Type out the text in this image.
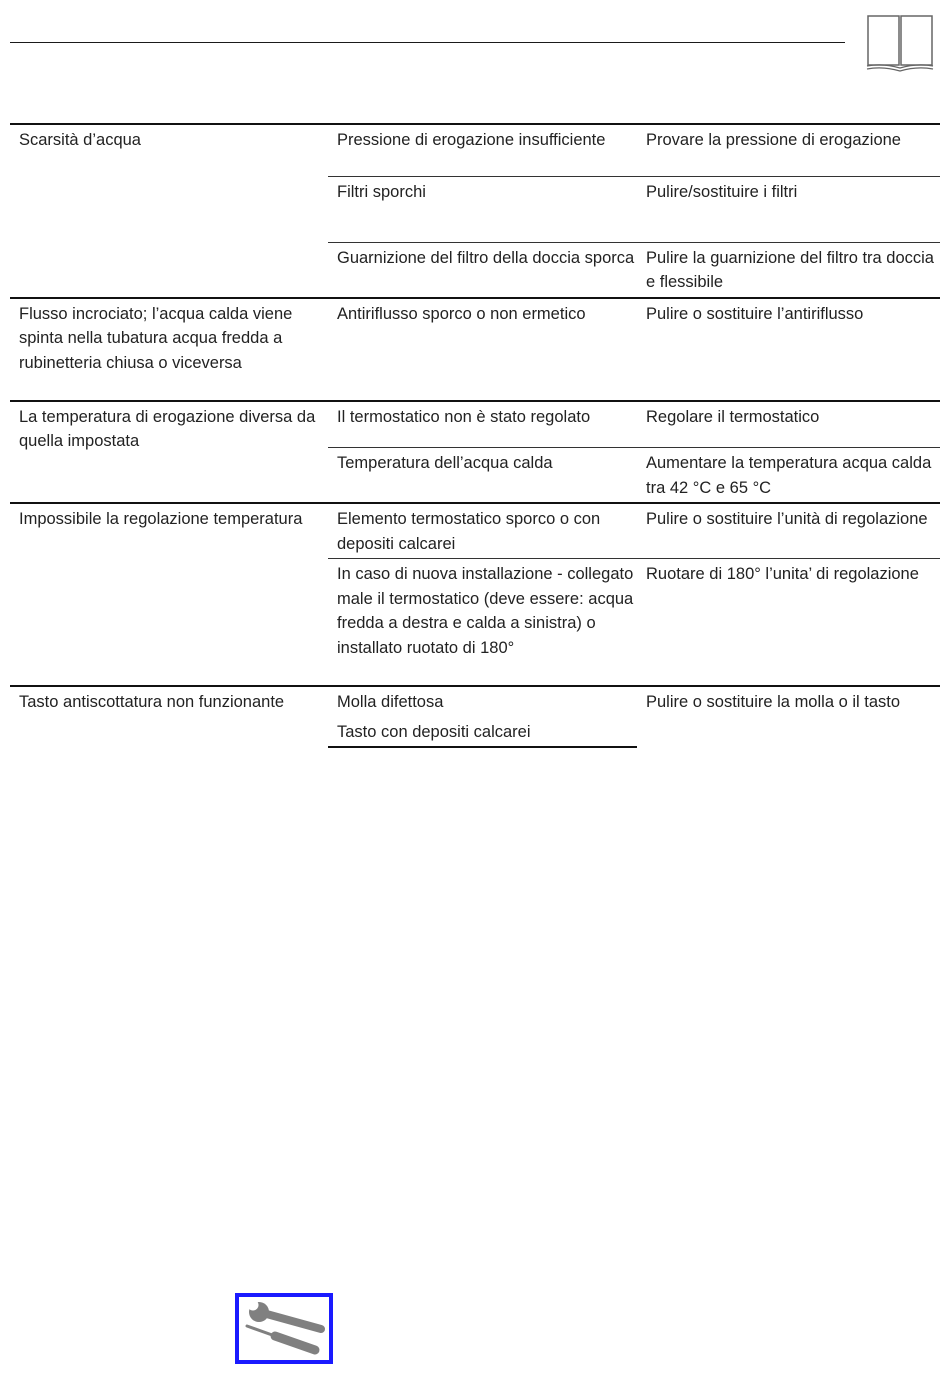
Scarsità d’acqua	Pressione di erogazione insufficiente	Provare la pressione di erogazione
	Filtri sporchi	Pulire/sostituire i filtri
	Guarnizione del filtro della doccia sporca	Pulire la guarnizione del filtro tra doccia e flessibile
Flusso incrociato; l’acqua calda viene spinta nella tubatura acqua fredda a rubinetteria chiusa o viceversa	Antiriflusso sporco o non ermetico	Pulire o sostituire l’antiriflusso
La temperatura di erogazione diversa da quella impostata	Il termostatico non è stato regolato	Regolare il termostatico
	Temperatura dell’acqua calda	Aumentare la temperatura acqua calda tra 42 °C e 65 °C
Impossibile la regolazione temperatura	Elemento termostatico sporco o con depositi calcarei	Pulire o sostituire l’unità di regolazione
	In caso di nuova installazione - collegato male il termostatico (deve essere: acqua fredda a destra e calda a sinistra) o installato ruotato di 180°	Ruotare di 180° l’unita’ di regolazione
Tasto antiscottatura non funzionante	Molla difettosa	Pulire o sostituire la molla o il tasto
	Tasto con depositi calcarei	
